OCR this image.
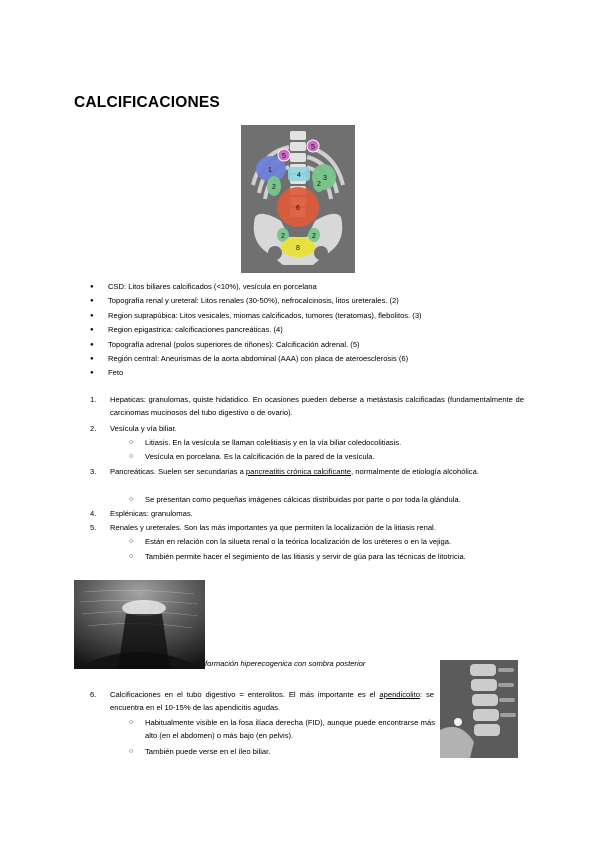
CALCIFICACIONES
5
5
1
3
4
2	2
6
2	2
8
● CSD: Litos biliares calcificados (<10%), vesícula en porcelana
● Topografía renal y ureteral: Litos renales (30-50%), nefrocalcinosis, litos ureterales. (2)
● Region suprapúbica: Litos vesicales, miomas calcificados, tumores (teratomas), flebolitos. (3)
● Region epigastrica: calcificaciones pancreáticas. (4)
● Topografía adrenal (polos superiores de riñones): Calcificación adrenal. (5)
● Región central: Aneurismas de la aorta abdominal (AAA) con placa de ateroesclerosis (6)
● Feto
1.	Hepaticas: granulomas, quiste hidatidico. En ocasiones pueden deberse a metástasis calcificadas (fundamentalmente de carcinomas mucinosos del tubo digestivo o de ovario).
2.	Vesícula y vía biliar.
○ Litiasis. En la vesícula se llaman colelitiasis y en la vía biliar coledocolitiasis.
○ Vesícula en porcelana. Es la calcificación de la pared de la vesícula.
3.	Pancreáticas. Suelen ser secundarias a pancreatitis crónica calcificante, normalmente de etiología alcohólica.
○ Se presentan como pequeñas imágenes cálcicas distribuidas por parte o por toda la glándula.
4.	Esplénicas: granulomas.
5.	Renales y ureterales. Son las más importantes ya que permiten la localización de la litiasis renal.
○ Están en relación con la silueta renal o la teórica localización de los uréteres o en la vejiga.
○ También permite hacer el segimiento de las litiasis y servir de gúa para las técnicas de litotricia.
formación hiperecogenica con sombra posterior
6.	Calcificaciones en el tubo digestivo = enterolitos. El más importante es el apendicolito: se encuentra en el 10-15% de las apendicitis agudas.
○ Habitualmente visible en la fosa ilíaca derecha (FID), aunque puede encontrarse más alto (en el abdomen) o más bajo (en pelvis).
○ También puede verse en el íleo biliar.
